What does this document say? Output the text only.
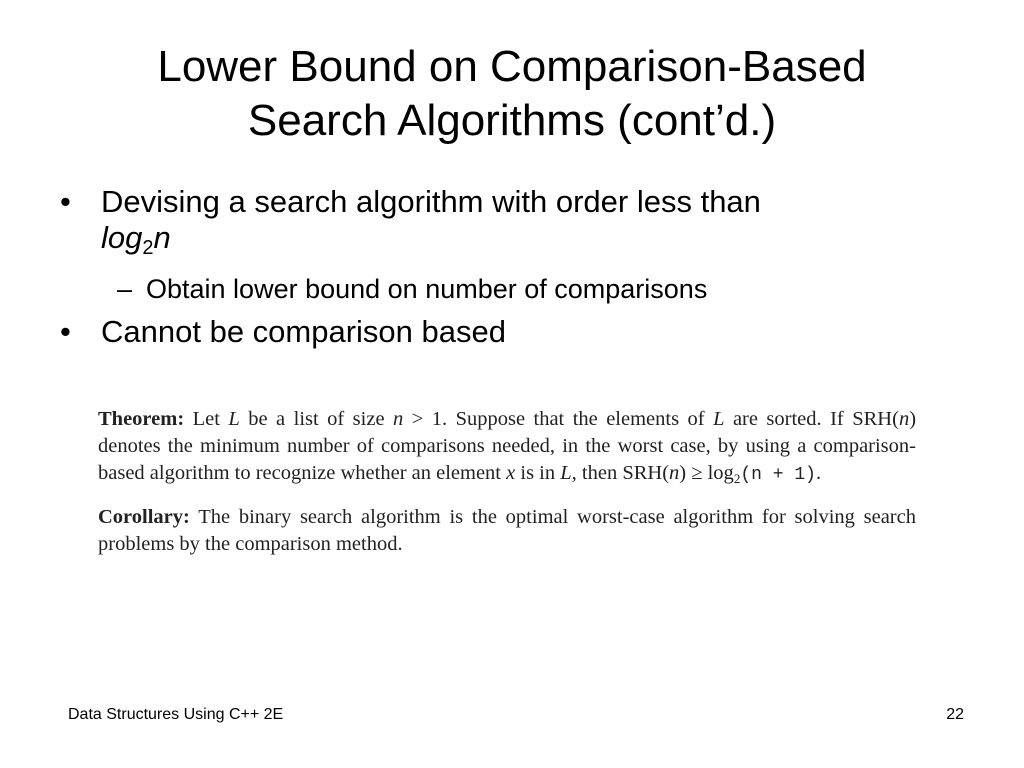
Lower Bound on Comparison-Based
Search Algorithms (cont’d.)
• Devising a search algorithm with order less than
log2n
– Obtain lower bound on number of comparisons
• Cannot be comparison based

Theorem: Let L be a list of size n > 1. Suppose that the elements of L are sorted. If SRH(n) denotes the minimum number of comparisons needed, in the worst case, by using a comparison-based algorithm to recognize whether an element x is in L, then SRH(n) ≥ log2(n + 1).

Corollary: The binary search algorithm is the optimal worst-case algorithm for solving search problems by the comparison method.

Data Structures Using C++ 2E	22
